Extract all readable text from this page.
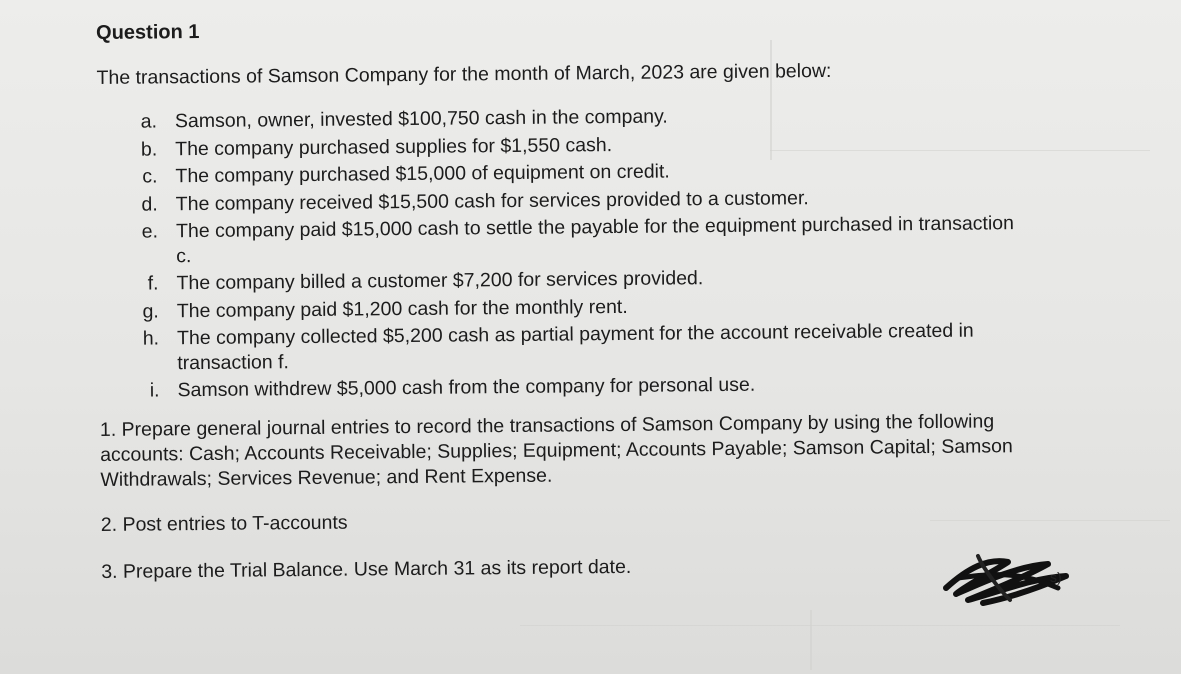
Question 1
The transactions of Samson Company for the month of March, 2023 are given below:
a. Samson, owner, invested $100,750 cash in the company.
b. The company purchased supplies for $1,550 cash.
c. The company purchased $15,000 of equipment on credit.
d. The company received $15,500 cash for services provided to a customer.
e. The company paid $15,000 cash to settle the payable for the equipment purchased in transaction c.
f. The company billed a customer $7,200 for services provided.
g. The company paid $1,200 cash for the monthly rent.
h. The company collected $5,200 cash as partial payment for the account receivable created in transaction f.
i. Samson withdrew $5,000 cash from the company for personal use.

1. Prepare general journal entries to record the transactions of Samson Company by using the following accounts: Cash; Accounts Receivable; Supplies; Equipment; Accounts Payable; Samson Capital; Samson Withdrawals; Services Revenue; and Rent Expense.

2. Post entries to T-accounts

3. Prepare the Trial Balance. Use March 31 as its report date.	s)
